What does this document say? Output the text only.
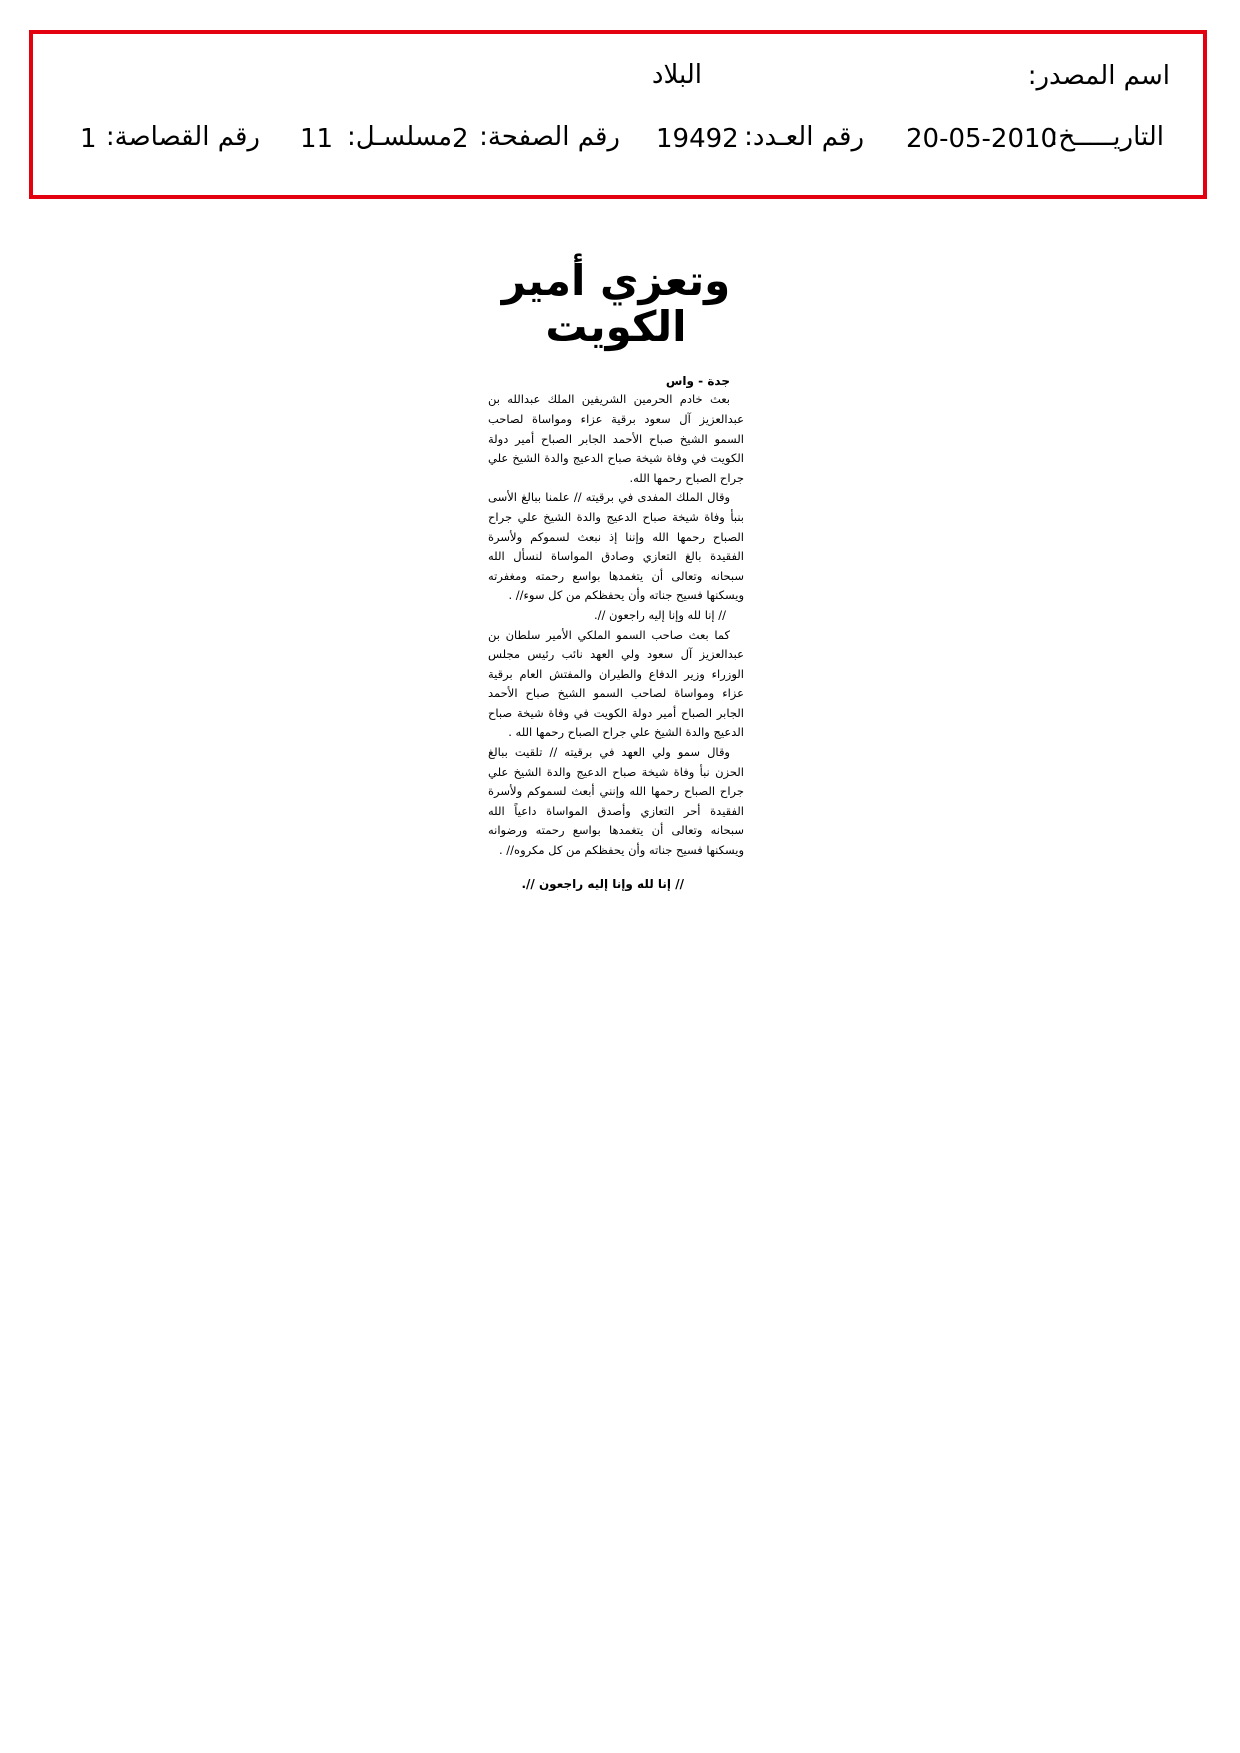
اسم المصدر:
البلاد
التاريـــــخ:
20-05-2010
رقم العـدد:
19492
رقم الصفحة:
2
مسلسـل:
11
رقم القصاصة:
1
وتعزي أمير الكويت
جدة - واس

بعث خادم الحرمين الشريفين الملك عبدالله بن عبدالعزيز آل سعود برقية عزاء ومواساة لصاحب السمو الشيخ صباح الأحمد الجابر الصباح أمير دولة الكويت في وفاة شيخة صباح الدعيج والدة الشيخ علي جراح الصباح رحمها الله.

وقال الملك المفدى في برقيته // علمنا ببالغ الأسى بنبأ وفاة شيخة صباح الدعيج والدة الشيخ علي جراح الصباح رحمها الله وإننا إذ نبعث لسموكم ولأسرة الفقيدة بالغ التعازي وصادق المواساة لنسأل الله سبحانه وتعالى أن يتغمدها بواسع رحمته ومغفرته ويسكنها فسيح جناته وأن يحفظكم من كل سوء// .

// إنا لله وإنا إليه راجعون //.

كما بعث صاحب السمو الملكي الأمير سلطان بن عبدالعزيز آل سعود ولي العهد نائب رئيس مجلس الوزراء وزير الدفاع والطيران والمفتش العام برقية عزاء ومواساة لصاحب السمو الشيخ صباح الأحمد الجابر الصباح أمير دولة الكويت في وفاة شيخة صباح الدعيج والدة الشيخ علي جراح الصباح رحمها الله .

وقال سمو ولي العهد في برقيته // تلقيت ببالغ الحزن نبأ وفاة شيخة صباح الدعيج والدة الشيخ علي جراح الصباح رحمها الله وإنني أبعث لسموكم ولأسرة الفقيدة أحر التعازي وأصدق المواساة داعياً الله سبحانه وتعالى أن يتغمدها بواسع رحمته ورضوانه ويسكنها فسيح جناته وأن يحفظكم من كل مكروه// .

// إنا لله وإنا إليه راجعون //.
